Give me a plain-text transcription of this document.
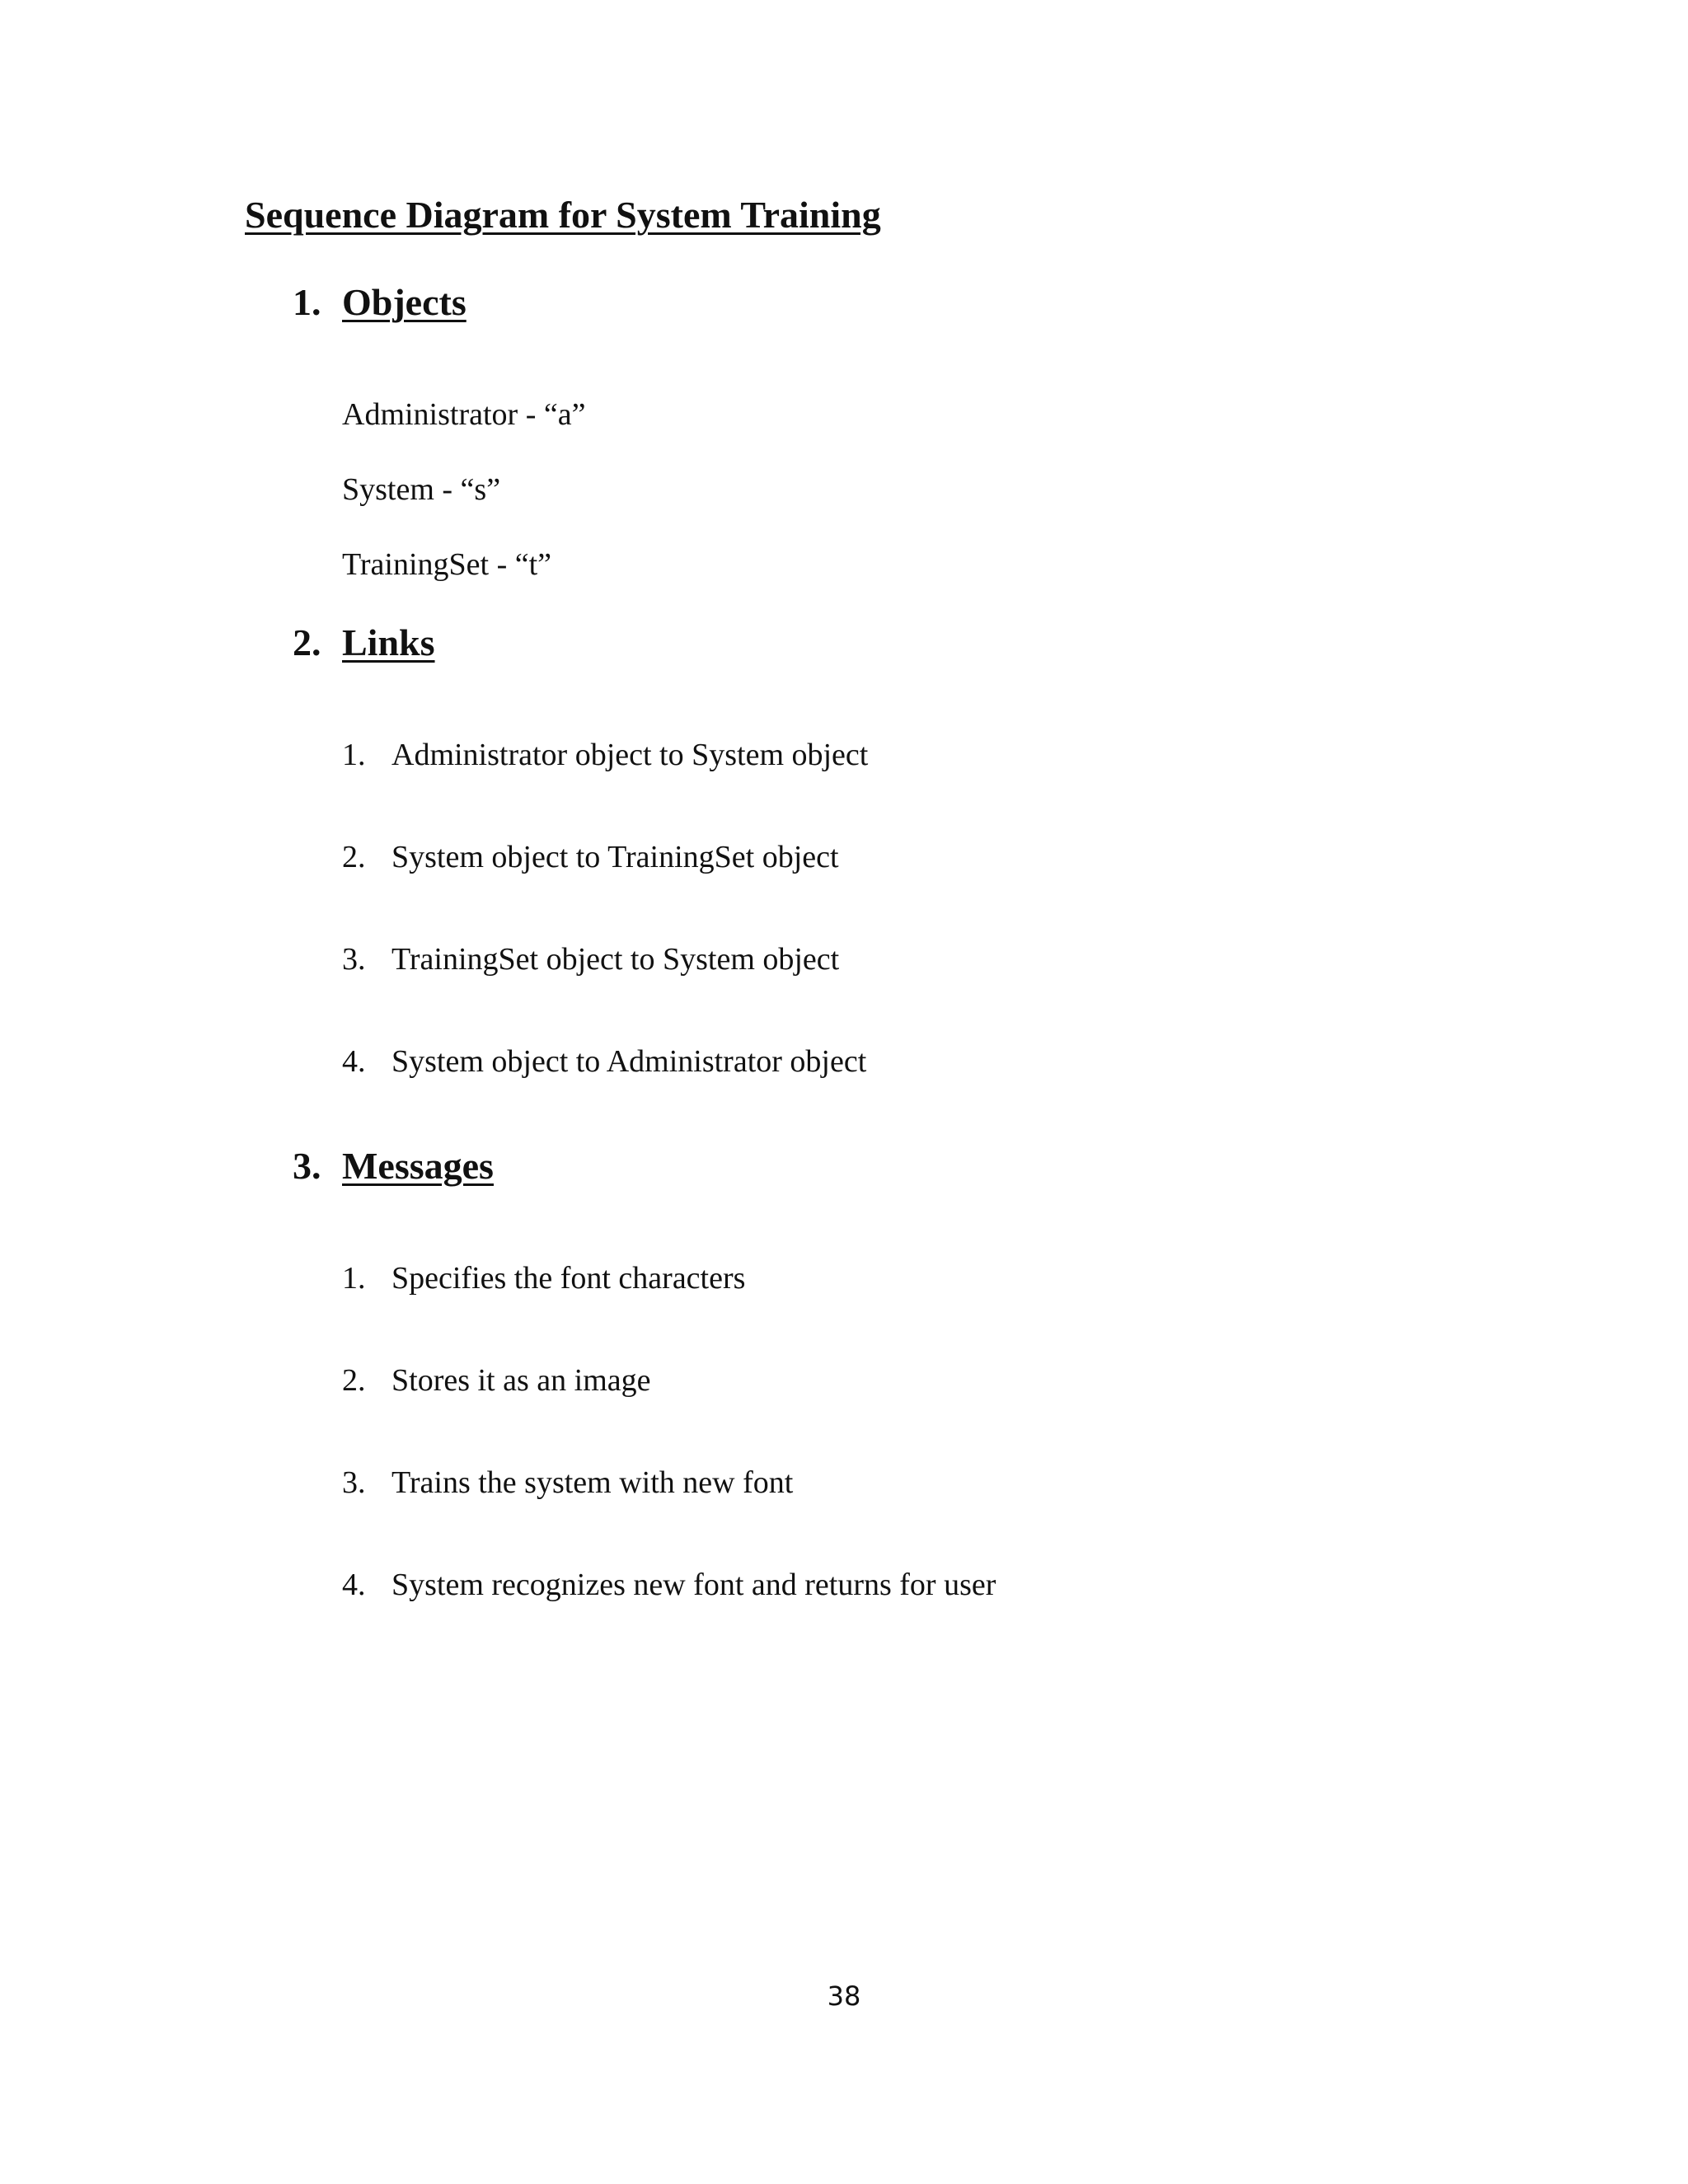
Sequence Diagram for System Training
1. Objects
Administrator - “a”
System - “s”
TrainingSet - “t”
2. Links
1. Administrator object to System object
2. System object to TrainingSet object
3. TrainingSet object to System object
4. System object to Administrator object
3. Messages
1. Specifies the font characters
2. Stores it as an image
3. Trains the system with new font
4. System recognizes new font and returns for user
38
